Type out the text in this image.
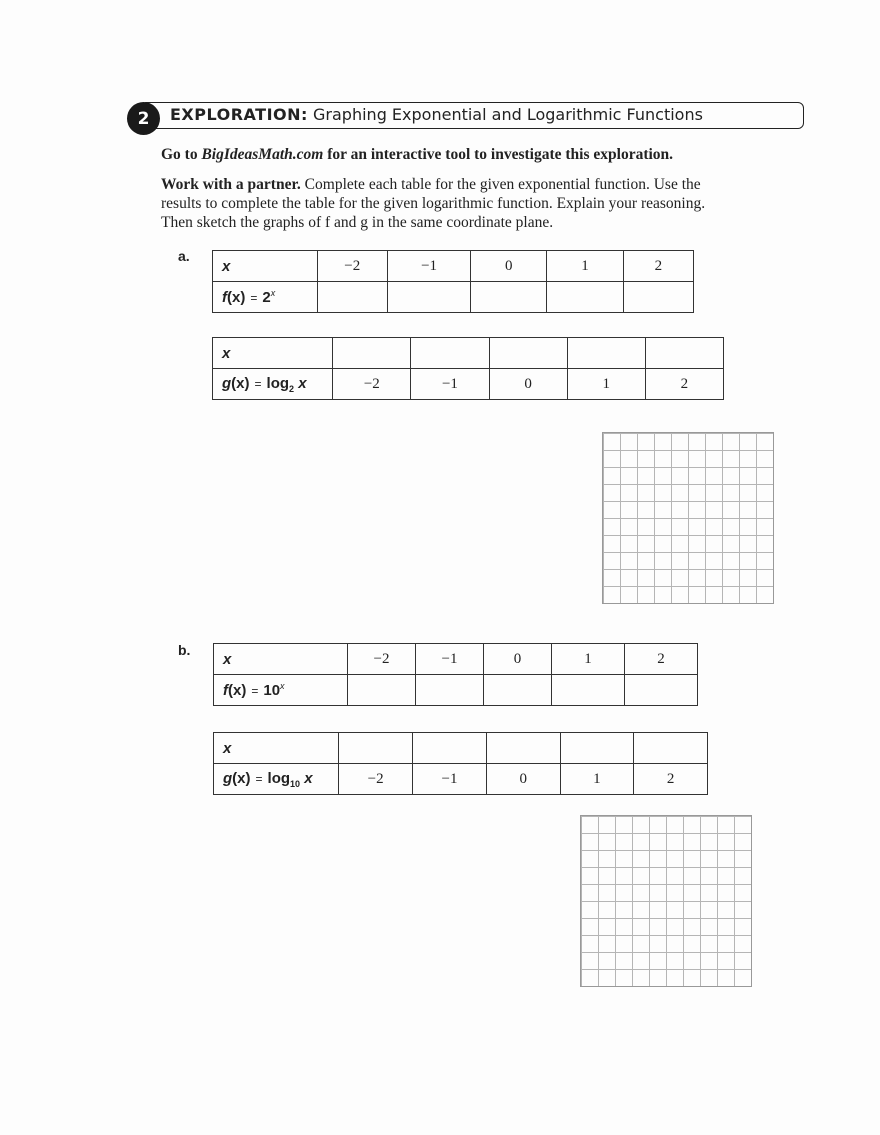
2	EXPLORATION: Graphing Exponential and Logarithmic Functions
Go to BigIdeasMath.com for an interactive tool to investigate this exploration.
Work with a partner. Complete each table for the given exponential function. Use the
results to complete the table for the given logarithmic function. Explain your reasoning.
Then sketch the graphs of f and g in the same coordinate plane.
a.
x	−2	−1	0	1	2
$f(x) = 2^x$					
x					
$g(x) = \log_2 x$	−2	−1	0	1	2
b.
x	−2	−1	0	1	2
$f(x) = 10^x$					
x					
$g(x) = \log_{10} x$	−2	−1	0	1	2
